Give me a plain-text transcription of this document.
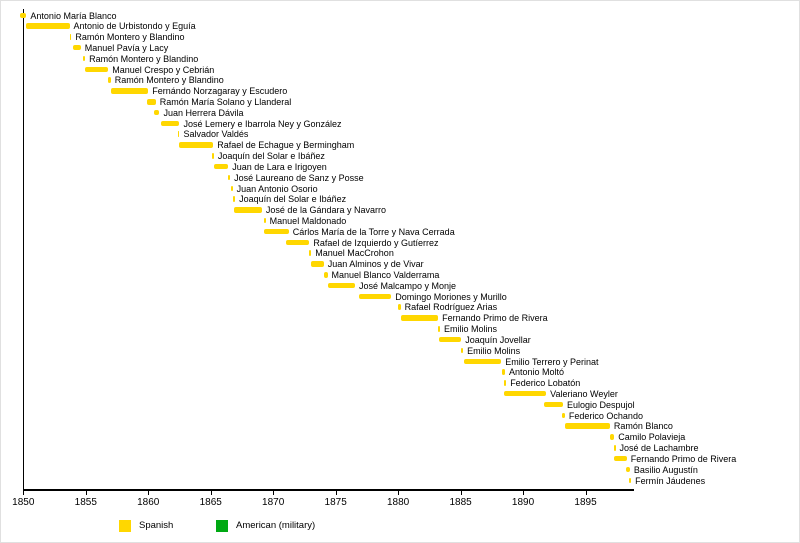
Antonio María Blanco
Antonio de Urbistondo y Eguía
Ramón Montero y Blandino
Manuel Pavía y Lacy
Ramón Montero y Blandino
Manuel Crespo y Cebrián
Ramón Montero y Blandino
Fernándo Norzagaray y Escudero
Ramón María Solano y Llanderal
Juan Herrera Dávila
José Lemery e Ibarrola Ney y González
Salvador Valdés
Rafael de Echague y Bermingham
Joaquín del Solar e Ibáñez
Juan de Lara e Irigoyen
José Laureano de Sanz y Posse
Juan Antonio Osorio
Joaquín del Solar e Ibáñez
José de la Gándara y Navarro
Manuel Maldonado
Cárlos María de la Torre y Nava Cerrada
Rafael de Izquierdo y Gutíerrez
Manuel MacCrohon
Juan Alminos y de Vivar
Manuel Blanco Valderrama
José Malcampo y Monje
Domingo Moriones y Murillo
Rafael Rodríguez Arias
Fernando Primo de Rivera
Emilio Molins
Joaquín Jovellar
Emilio Molins
Emilio Terrero y Perinat
Antonio Moltó
Federico Lobatón
Valeriano Weyler
Eulogio Despujol
Federico Ochando
Ramón Blanco
Camilo Polavieja
José de Lachambre
Fernando Primo de Rivera
Basilio Augustín
Fermín Jáudenes
1850	1855	1860	1865	1870	1875	1880	1885	1890	1895
Spanish	American (military)
